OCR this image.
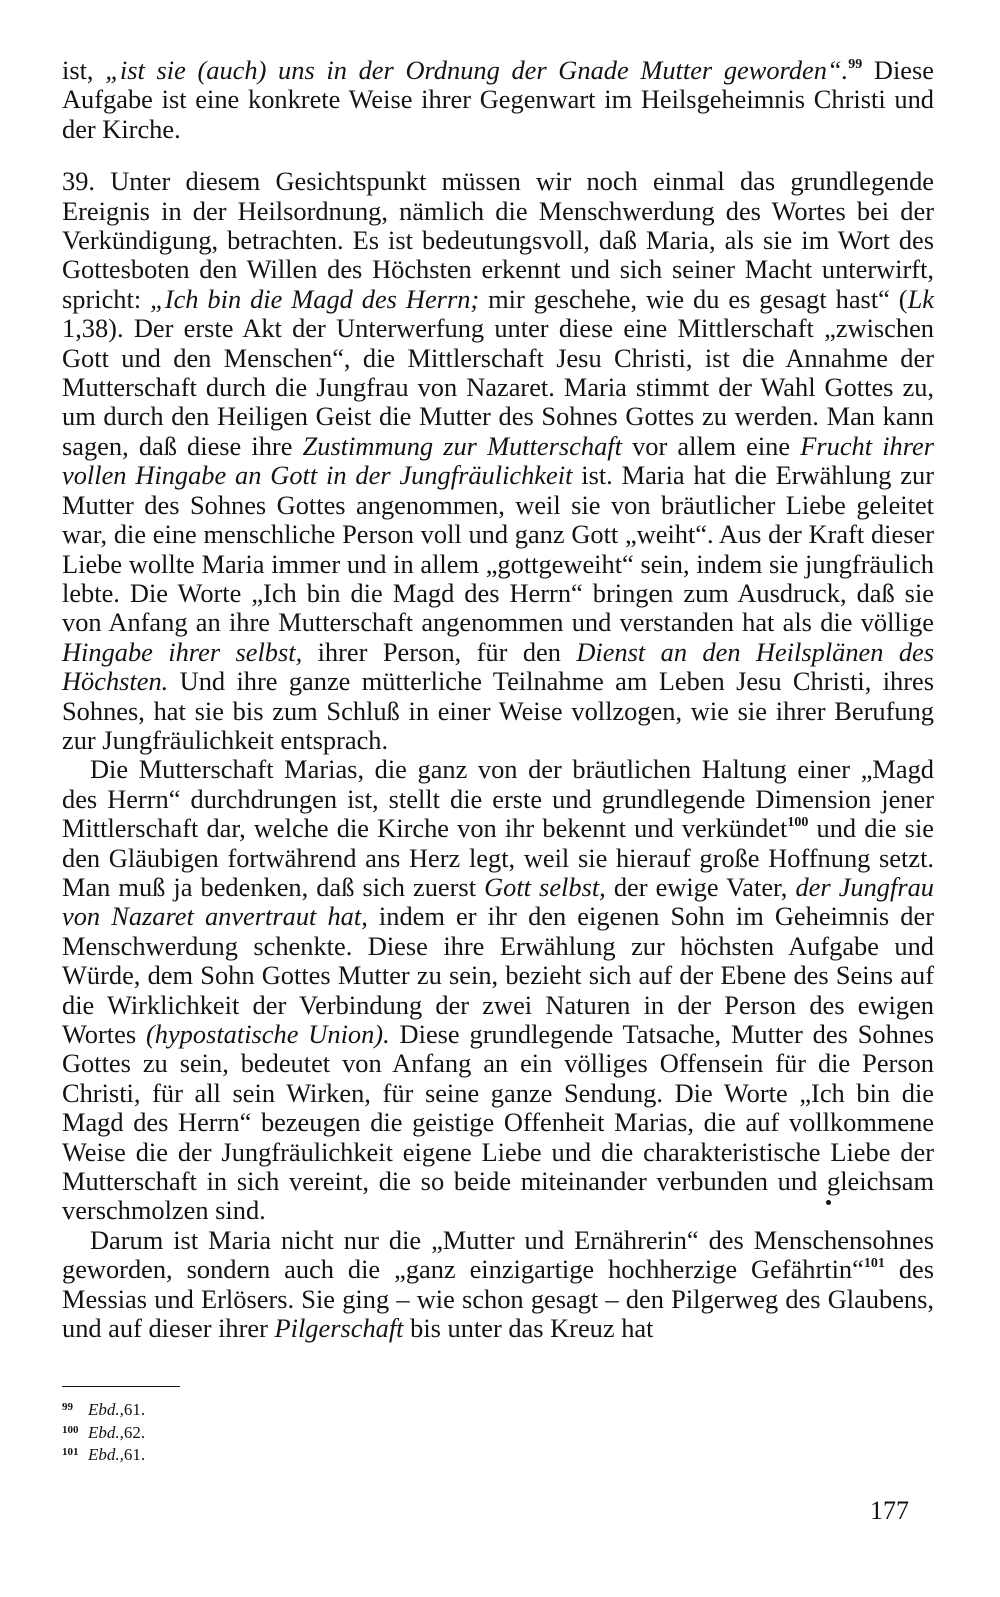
ist, „ist sie (auch) uns in der Ordnung der Gnade Mutter geworden“.$^{99}$ Diese Aufgabe ist eine konkrete Weise ihrer Gegenwart im Heilsgeheimnis Christi und der Kirche.

39. Unter diesem Gesichtspunkt müssen wir noch einmal das grundlegende Ereignis in der Heilsordnung, nämlich die Menschwerdung des Wortes bei der Verkündigung, betrachten. Es ist bedeutungsvoll, daß Maria, als sie im Wort des Gottesboten den Willen des Höchsten erkennt und sich seiner Macht unterwirft, spricht: „Ich bin die Magd des Herrn; mir geschehe, wie du es gesagt hast“ (Lk 1,38). Der erste Akt der Unterwerfung unter diese eine Mittlerschaft „zwischen Gott und den Menschen“, die Mittlerschaft Jesu Christi, ist die Annahme der Mutterschaft durch die Jungfrau von Nazaret. Maria stimmt der Wahl Gottes zu, um durch den Heiligen Geist die Mutter des Sohnes Gottes zu werden. Man kann sagen, daß diese ihre Zustimmung zur Mutterschaft vor allem eine Frucht ihrer vollen Hingabe an Gott in der Jungfräulichkeit ist. Maria hat die Erwählung zur Mutter des Sohnes Gottes angenommen, weil sie von bräutlicher Liebe geleitet war, die eine menschliche Person voll und ganz Gott „weiht“. Aus der Kraft dieser Liebe wollte Maria immer und in allem „gottgeweiht“ sein, indem sie jungfräulich lebte. Die Worte „Ich bin die Magd des Herrn“ bringen zum Ausdruck, daß sie von Anfang an ihre Mutterschaft angenommen und verstanden hat als die völlige Hingabe ihrer selbst, ihrer Person, für den Dienst an den Heilsplänen des Höchsten. Und ihre ganze mütterliche Teilnahme am Leben Jesu Christi, ihres Sohnes, hat sie bis zum Schluß in einer Weise vollzogen, wie sie ihrer Berufung zur Jungfräulichkeit entsprach.

Die Mutterschaft Marias, die ganz von der bräutlichen Haltung einer „Magd des Herrn“ durchdrungen ist, stellt die erste und grundlegende Dimension jener Mittlerschaft dar, welche die Kirche von ihr bekennt und verkündet$^{100}$ und die sie den Gläubigen fortwährend ans Herz legt, weil sie hierauf große Hoffnung setzt. Man muß ja bedenken, daß sich zuerst Gott selbst, der ewige Vater, der Jungfrau von Nazaret anvertraut hat, indem er ihr den eigenen Sohn im Geheimnis der Menschwerdung schenkte. Diese ihre Erwählung zur höchsten Aufgabe und Würde, dem Sohn Gottes Mutter zu sein, bezieht sich auf der Ebene des Seins auf die Wirklichkeit der Verbindung der zwei Naturen in der Person des ewigen Wortes (hypostatische Union). Diese grundlegende Tatsache, Mutter des Sohnes Gottes zu sein, bedeutet von Anfang an ein völliges Offensein für die Person Christi, für all sein Wirken, für seine ganze Sendung. Die Worte „Ich bin die Magd des Herrn“ bezeugen die geistige Offenheit Marias, die auf vollkommene Weise die der Jungfräulichkeit eigene Liebe und die charakteristische Liebe der Mutterschaft in sich vereint, die so beide miteinander verbunden und gleichsam verschmolzen sind.

Darum ist Maria nicht nur die „Mutter und Ernährerin“ des Menschensohnes geworden, sondern auch die „ganz einzigartige hochherzige Gefährtin“$^{101}$ des Messias und Erlösers. Sie ging – wie schon gesagt – den Pilgerweg des Glaubens, und auf dieser ihrer Pilgerschaft bis unter das Kreuz hat

99 Ebd., 61.
100 Ebd., 62.
101 Ebd., 61.
177
